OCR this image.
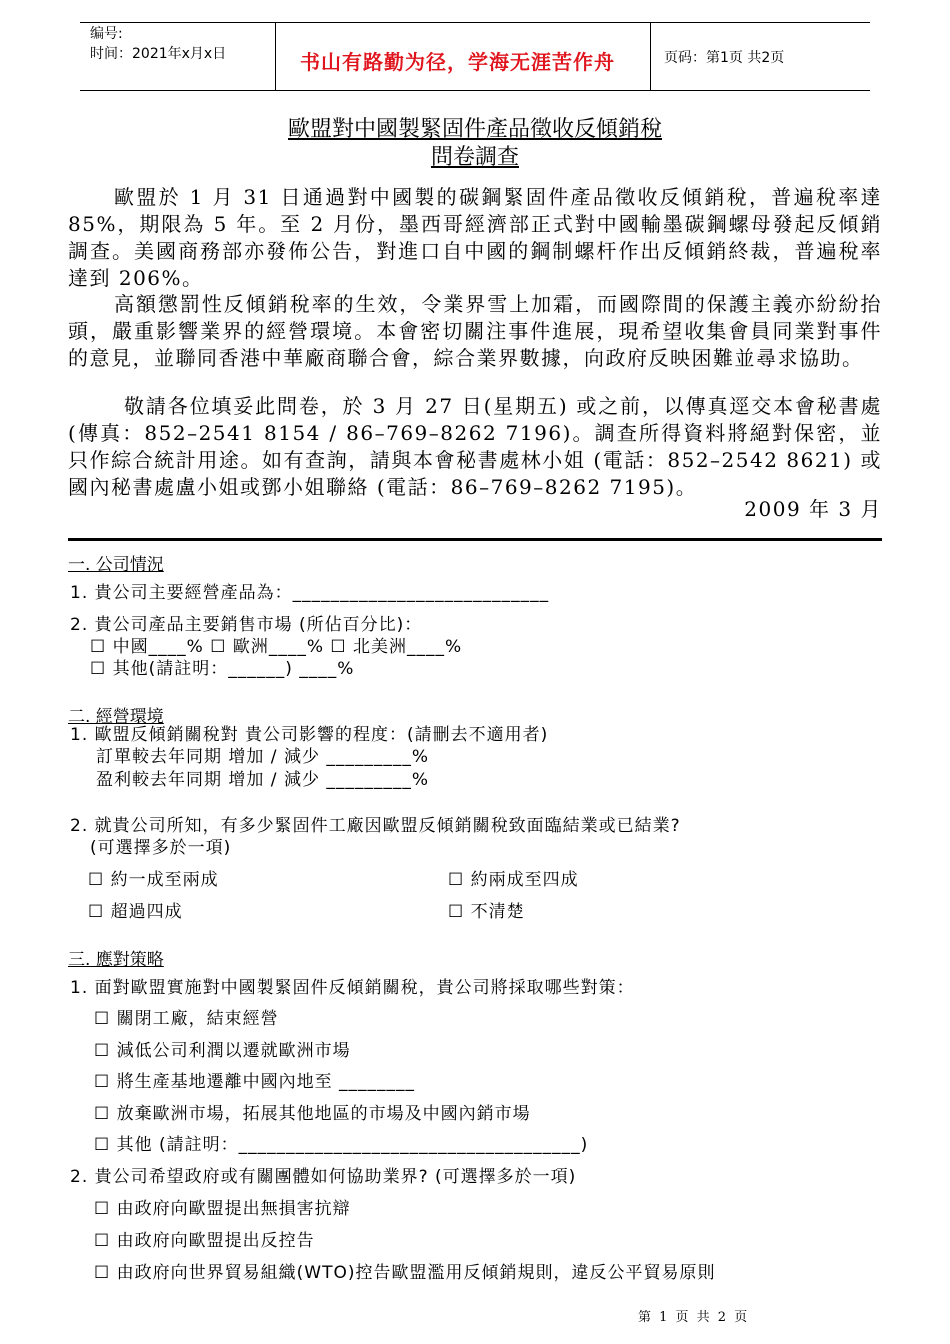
编号:
时间：2021年x月x日	书山有路勤为径，学海无涯苦作舟	页码：第1页 共2页
歐盟對中國製緊固件產品徵收反傾銷稅
問卷調查
歐盟於 1 月 31 日通過對中國製的碳鋼緊固件產品徵收反傾銷稅，普遍稅率達 85%，期限為 5 年。至 2 月份，墨西哥經濟部正式對中國輸墨碳鋼螺母發起反傾銷調查。美國商務部亦發佈公告，對進口自中國的鋼制螺杆作出反傾銷終裁，普遍稅率達到 206%。
高額懲罰性反傾銷稅率的生效，令業界雪上加霜，而國際間的保護主義亦紛紛抬頭，嚴重影響業界的經營環境。本會密切關注事件進展，現希望收集會員同業對事件的意見，並聯同香港中華廠商聯合會，綜合業界數據，向政府反映困難並尋求協助。
敬請各位填妥此問卷，於 3 月 27 日(星期五) 或之前，以傳真逕交本會秘書處 (傳真：852–2541 8154 / 86–769–8262 7196)。調查所得資料將絕對保密，並只作綜合統計用途。如有查詢，請與本會秘書處林小姐 (電話：852–2542 8621) 或國內秘書處盧小姐或鄧小姐聯絡 (電話：86–769–8262 7195)。
2009 年 3 月
一. 公司情況
1. 貴公司主要經營產品為：___________________________
2. 貴公司產品主要銷售市場 (所佔百分比)：
☐ 中國____% ☐ 歐洲____% ☐ 北美洲____%
☐ 其他(請註明：______) ____%
二. 經營環境
1. 歐盟反傾銷關稅對 貴公司影響的程度：(請刪去不適用者)
訂單較去年同期 增加 / 減少 _________%
盈利較去年同期 增加 / 減少 _________%
2. 就貴公司所知，有多少緊固件工廠因歐盟反傾銷關稅致面臨結業或已結業?
(可選擇多於一項)
☐ 約一成至兩成	☐ 約兩成至四成
☐ 超過四成	☐ 不清楚
三. 應對策略
1. 面對歐盟實施對中國製緊固件反傾銷關稅，貴公司將採取哪些對策：
☐ 關閉工廠，結束經營
☐ 減低公司利潤以遷就歐洲市場
☐ 將生產基地遷離中國內地至 ________
☐ 放棄歐洲市場，拓展其他地區的市場及中國內銷市場
☐ 其他 (請註明：____________________________________)
2. 貴公司希望政府或有關團體如何協助業界? (可選擇多於一項)
☐ 由政府向歐盟提出無損害抗辯
☐ 由政府向歐盟提出反控告
☐ 由政府向世界貿易組織(WTO)控告歐盟濫用反傾銷規則，違反公平貿易原則
第 1 页 共 2 页
